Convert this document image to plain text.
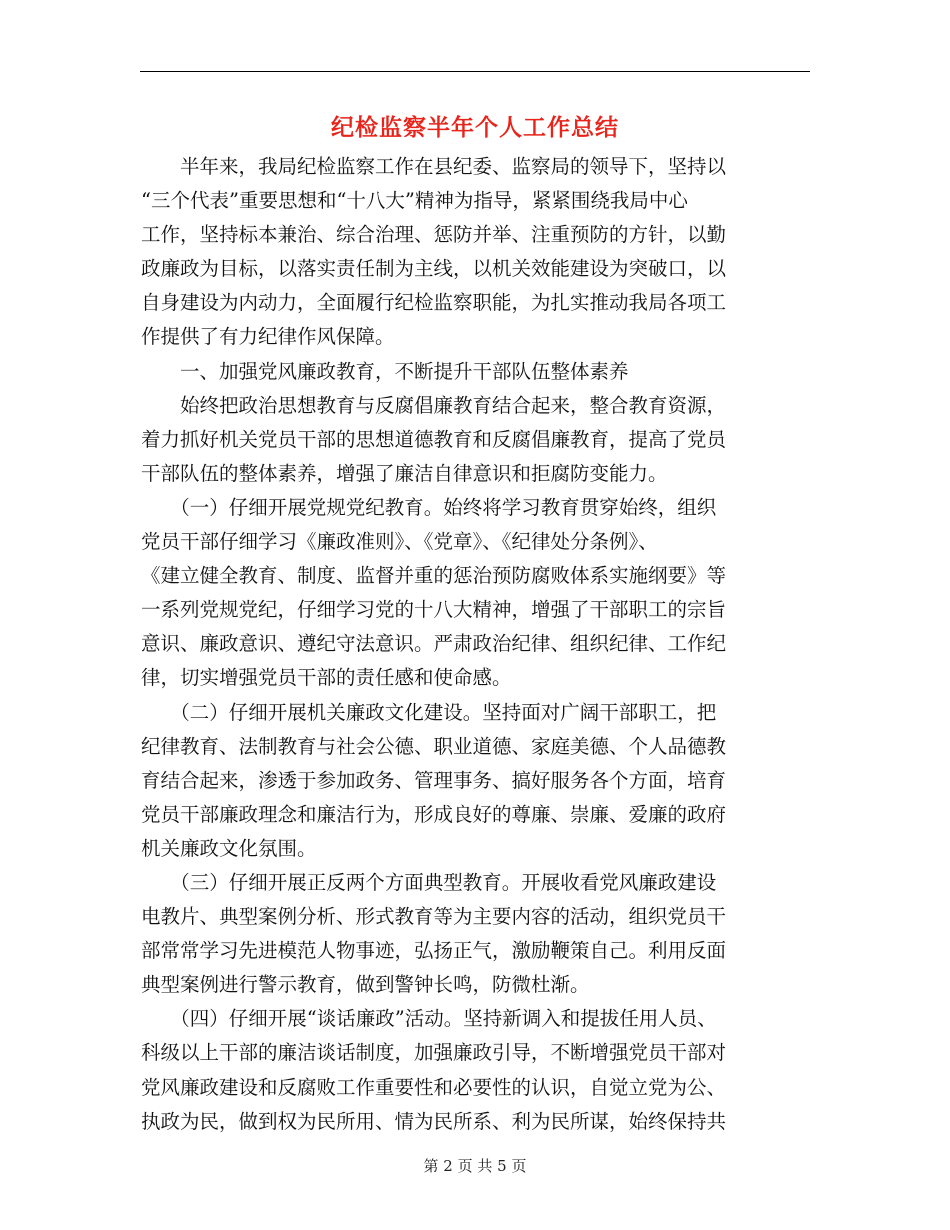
纪检监察半年个人工作总结
　　半年来，我局纪检监察工作在县纪委、监察局的领导下，坚持以
“三个代表”重要思想和“十八大”精神为指导，紧紧围绕我局中心
工作，坚持标本兼治、综合治理、惩防并举、注重预防的方针，以勤
政廉政为目标，以落实责任制为主线，以机关效能建设为突破口，以
自身建设为内动力，全面履行纪检监察职能，为扎实推动我局各项工
作提供了有力纪律作风保障。
　　一、加强党风廉政教育，不断提升干部队伍整体素养
　　始终把政治思想教育与反腐倡廉教育结合起来，整合教育资源，
着力抓好机关党员干部的思想道德教育和反腐倡廉教育，提高了党员
干部队伍的整体素养，增强了廉洁自律意识和拒腐防变能力。
　　（一）仔细开展党规党纪教育。始终将学习教育贯穿始终，组织
党员干部仔细学习《廉政准则》、《党章》、《纪律处分条例》、
《建立健全教育、制度、监督并重的惩治预防腐败体系实施纲要》等
一系列党规党纪，仔细学习党的十八大精神，增强了干部职工的宗旨
意识、廉政意识、遵纪守法意识。严肃政治纪律、组织纪律、工作纪
律，切实增强党员干部的责任感和使命感。
　　（二）仔细开展机关廉政文化建设。坚持面对广阔干部职工，把
纪律教育、法制教育与社会公德、职业道德、家庭美德、个人品德教
育结合起来，渗透于参加政务、管理事务、搞好服务各个方面，培育
党员干部廉政理念和廉洁行为，形成良好的尊廉、崇廉、爱廉的政府
机关廉政文化氛围。
　　（三）仔细开展正反两个方面典型教育。开展收看党风廉政建设
电教片、典型案例分析、形式教育等为主要内容的活动，组织党员干
部常常学习先进模范人物事迹，弘扬正气，激励鞭策自己。利用反面
典型案例进行警示教育，做到警钟长鸣，防微杜渐。
　　（四）仔细开展“谈话廉政”活动。坚持新调入和提拔任用人员、
科级以上干部的廉洁谈话制度，加强廉政引导，不断增强党员干部对
党风廉政建设和反腐败工作重要性和必要性的认识，自觉立党为公、
执政为民，做到权为民所用、情为民所系、利为民所谋，始终保持共
第 2 页 共 5 页
